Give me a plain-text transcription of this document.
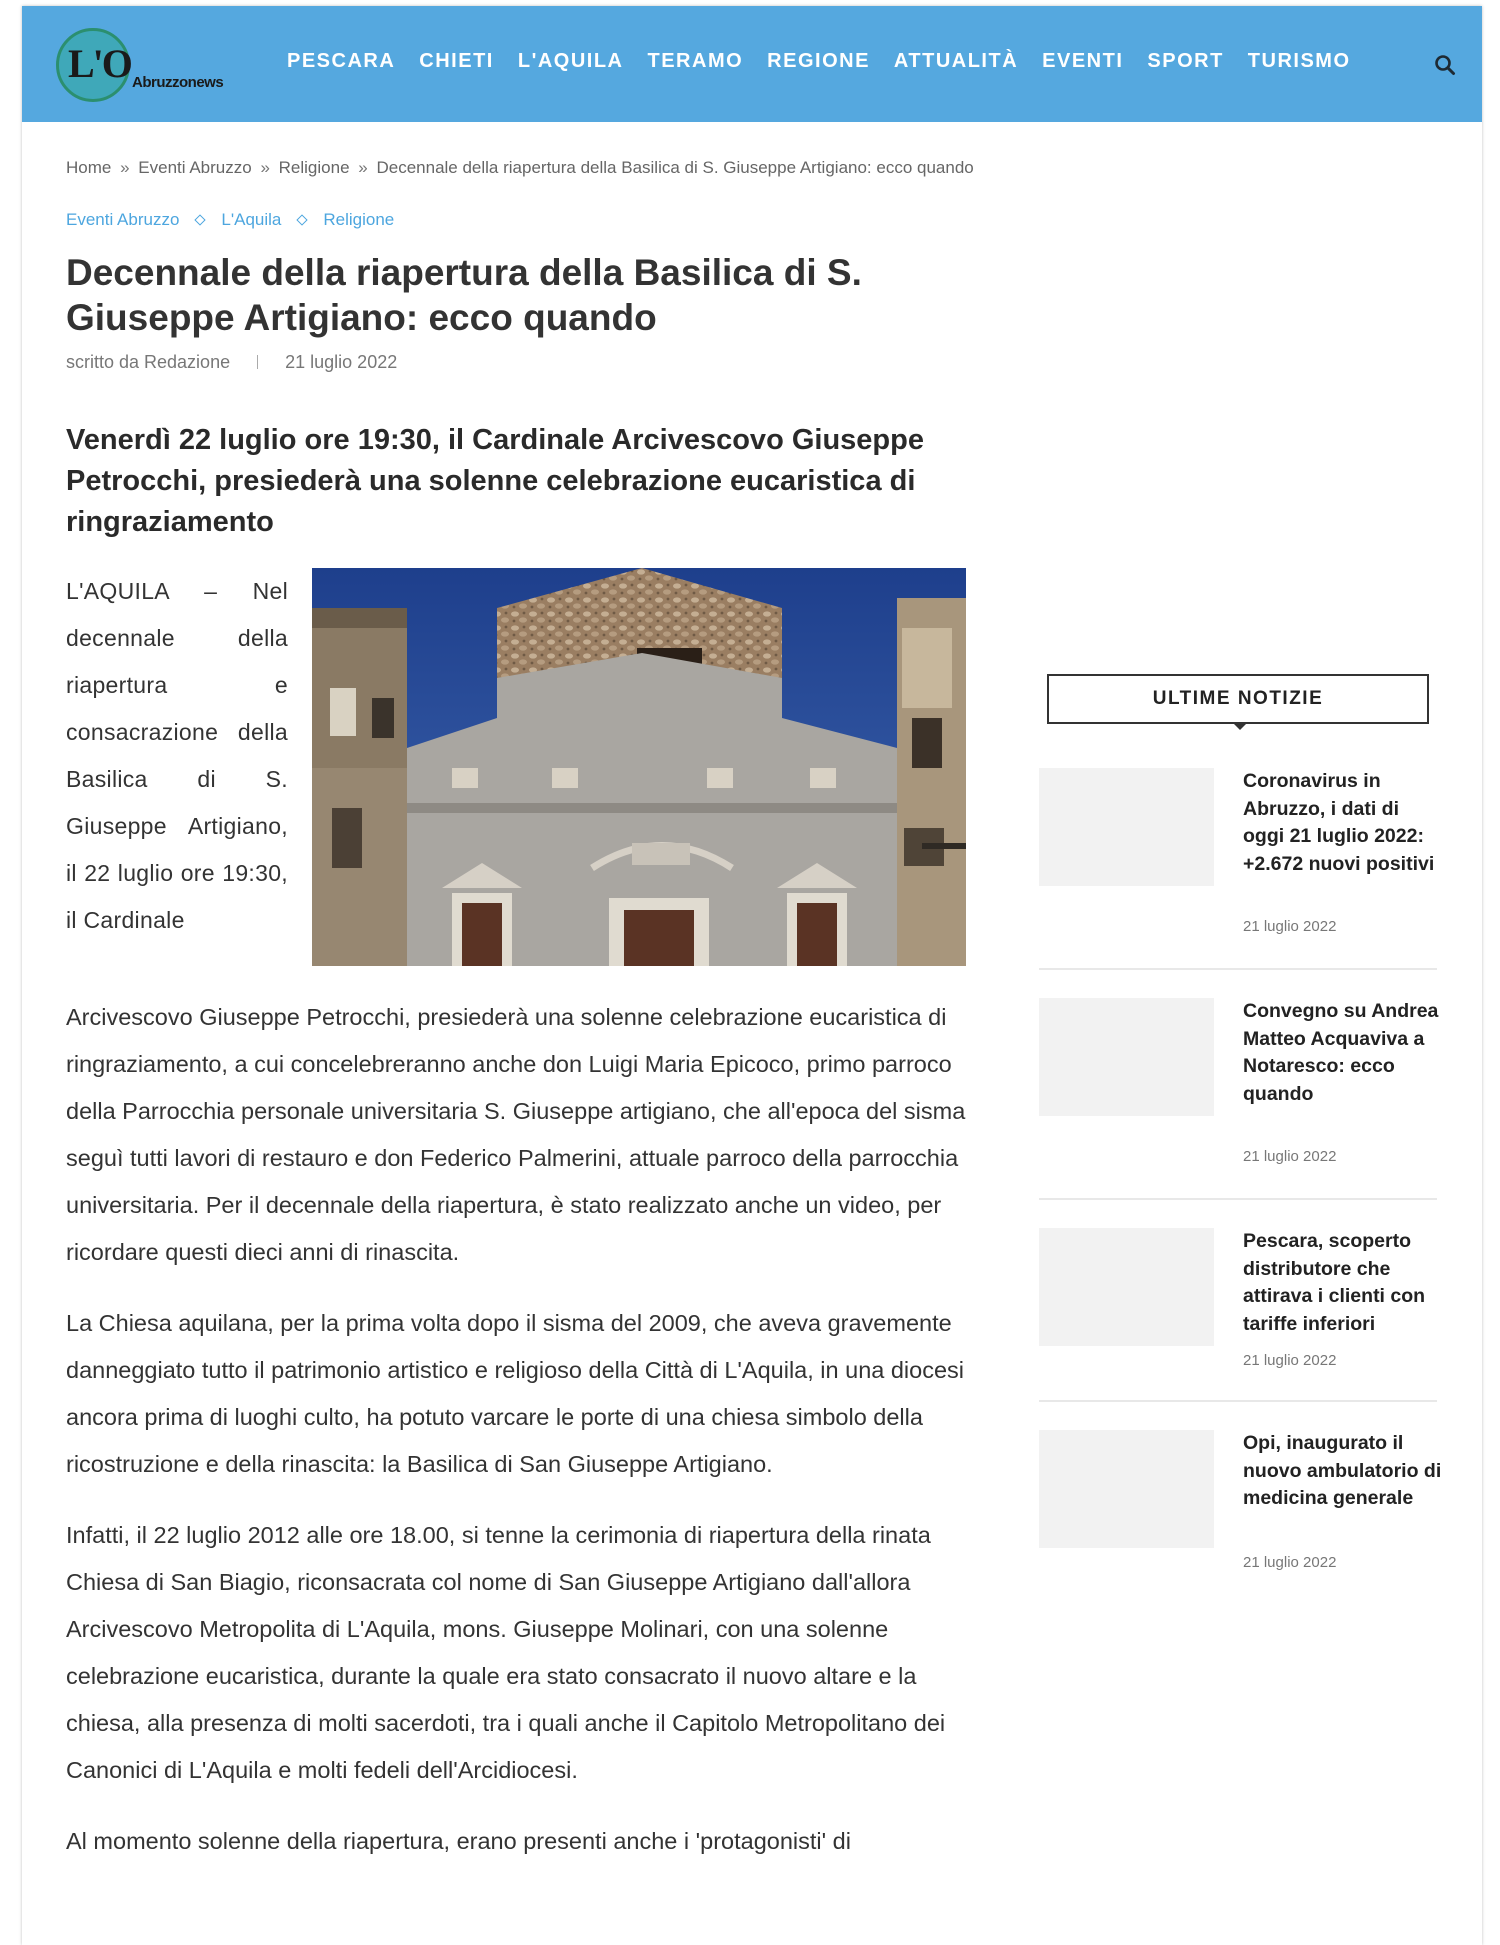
L'O Abruzzonews
PESCARA CHIETI L'AQUILA TERAMO REGIONE ATTUALITÀ EVENTI SPORT TURISMO
Home » Eventi Abruzzo » Religione » Decennale della riapertura della Basilica di S. Giuseppe Artigiano: ecco quando
Eventi Abruzzo L'Aquila Religione
Decennale della riapertura della Basilica di S. Giuseppe Artigiano: ecco quando
scritto da Redazione	21 luglio 2022
Venerdì 22 luglio ore 19:30, il Cardinale Arcivescovo Giuseppe Petrocchi, presiederà una solenne celebrazione eucaristica di ringraziamento
L'AQUILA – Nel decennale della riapertura e consacrazione della Basilica di S. Giuseppe Artigiano, il 22 luglio ore 19:30, il Cardinale

Arcivescovo Giuseppe Petrocchi, presiederà una solenne celebrazione eucaristica di ringraziamento, a cui concelebreranno anche don Luigi Maria Epicoco, primo parroco della Parrocchia personale universitaria S. Giuseppe artigiano, che all'epoca del sisma seguì tutti lavori di restauro e don Federico Palmerini, attuale parroco della parrocchia universitaria. Per il decennale della riapertura, è stato realizzato anche un video, per ricordare questi dieci anni di rinascita.

La Chiesa aquilana, per la prima volta dopo il sisma del 2009, che aveva gravemente danneggiato tutto il patrimonio artistico e religioso della Città di L'Aquila, in una diocesi ancora prima di luoghi culto, ha potuto varcare le porte di una chiesa simbolo della ricostruzione e della rinascita: la Basilica di San Giuseppe Artigiano.

Infatti, il 22 luglio 2012 alle ore 18.00, si tenne la cerimonia di riapertura della rinata Chiesa di San Biagio, riconsacrata col nome di San Giuseppe Artigiano dall'allora Arcivescovo Metropolita di L'Aquila, mons. Giuseppe Molinari, con una solenne celebrazione eucaristica, durante la quale era stato consacrato il nuovo altare e la chiesa, alla presenza di molti sacerdoti, tra i quali anche il Capitolo Metropolitano dei Canonici di L'Aquila e molti fedeli dell'Arcidiocesi.

Al momento solenne della riapertura, erano presenti anche i 'protagonisti' di

ULTIME NOTIZIE
Coronavirus in Abruzzo, i dati di oggi 21 luglio 2022: +2.672 nuovi positivi
21 luglio 2022
Convegno su Andrea Matteo Acquaviva a Notaresco: ecco quando
21 luglio 2022
Pescara, scoperto distributore che attirava i clienti con tariffe inferiori
21 luglio 2022
Opi, inaugurato il nuovo ambulatorio di medicina generale
21 luglio 2022
